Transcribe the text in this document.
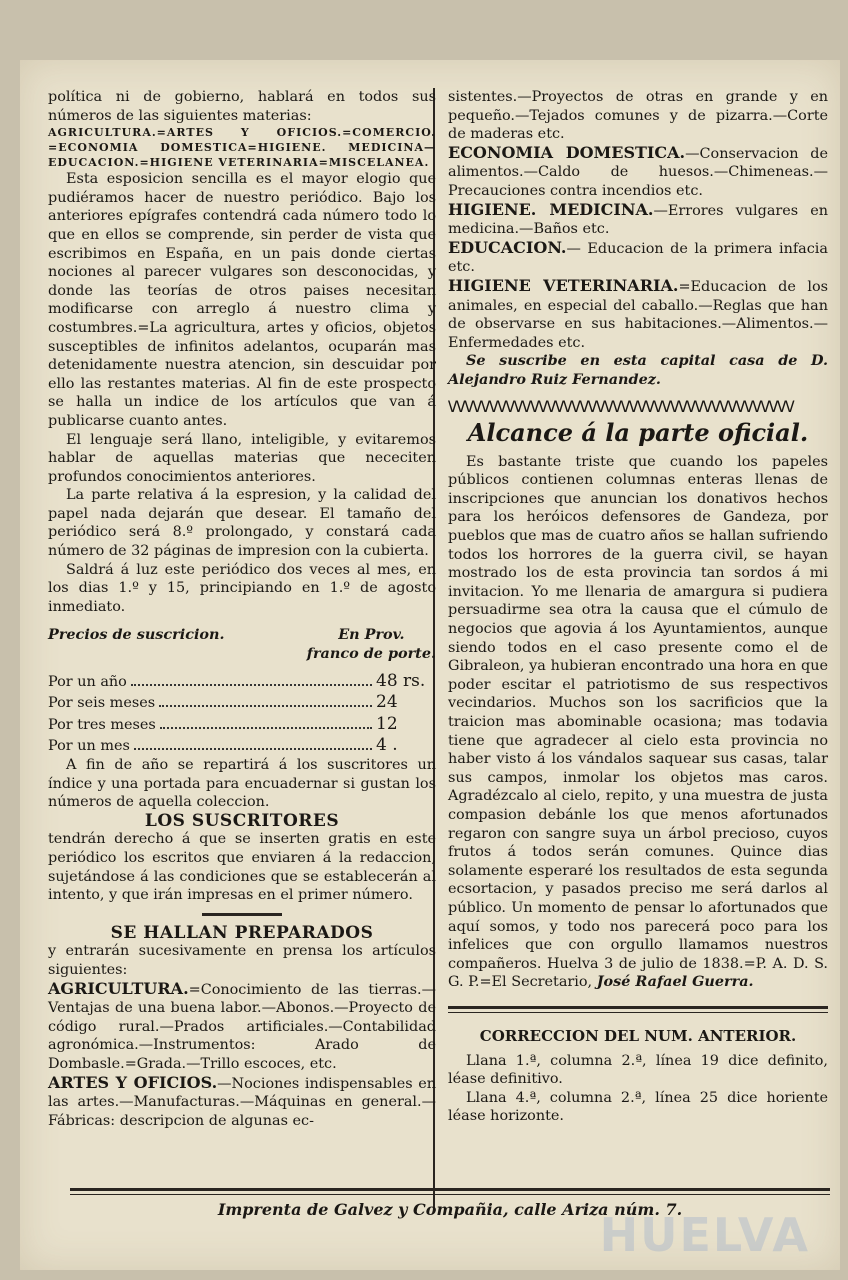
política ni de gobierno, hablará en todos sus números de las siguientes materias:

AGRICULTURA.=ARTES Y OFICIOS.=COMERCIO. =ECONOMIA DOMESTICA=HIGIENE. MEDICINA—EDUCACION.=HIGIENE VETERINARIA=MISCELANEA.

Esta esposicion sencilla es el mayor elogio que pudiéramos hacer de nuestro periódico. Bajo los anteriores epígrafes contendrá cada número todo lo que en ellos se comprende, sin perder de vista que escribimos en España, en un pais donde ciertas nociones al parecer vulgares son desconocidas, y donde las teorías de otros paises necesitan modificarse con arreglo á nuestro clima y costumbres.=La agricultura, artes y oficios, objetos susceptibles de infinitos adelantos, ocuparán mas detenidamente nuestra atencion, sin descuidar por ello las restantes materias. Al fin de este prospecto se halla un indice de los artículos que van á publicarse cuanto antes.

El lenguaje será llano, inteligible, y evitaremos hablar de aquellas materias que nececiten profundos conocimientos anteriores.

La parte relativa á la espresion, y la calidad del papel nada dejarán que desear. El tamaño del periódico será 8.º prolongado, y constará cada número de 32 páginas de impresion con la cubierta.

Saldrá á luz este periódico dos veces al mes, en los dias 1.º y 15, principiando en 1.º de agosto inmediato.

Precios de suscricion.	En Prov.
franco de porte.
Por un año	48 rs.
Por seis meses	24
Por tres meses	12
Por un mes	4 .

A fin de año se repartirá á los suscritores un índice y una portada para encuadernar si gustan los números de aquella coleccion.

LOS SUSCRITORES

tendrán derecho á que se inserten gratis en este periódico los escritos que enviaren á la redaccion, sujetándose á las condiciones que se establecerán al intento, y que irán impresas en el primer número.

SE HALLAN PREPARADOS

y entrarán sucesivamente en prensa los artículos siguientes:

AGRICULTURA.=Conocimiento de las tierras.—Ventajas de una buena labor.—Abonos.—Proyecto de código rural.—Prados artificiales.—Contabilidad agronómica.—Instrumentos: Arado de Dombasle.=Grada.—Trillo escoces, etc.

ARTES Y OFICIOS.—Nociones indispensables en las artes.—Manufacturas.—Máquinas en general.— Fábricas: descripcion de algunas ec-

sistentes.—Proyectos de otras en grande y en pequeño.—Tejados comunes y de pizarra.—Corte de maderas etc.

ECONOMIA DOMESTICA.—Conservacion de alimentos.—Caldo de huesos.—Chimeneas.—Precauciones contra incendios etc.

HIGIENE. MEDICINA.—Errores vulgares en medicina.—Baños etc.

EDUCACION.— Educacion de la primera infacia etc.

HIGIENE VETERINARIA.=Educacion de los animales, en especial del caballo.—Reglas que han de observarse en sus habitaciones.—Alimentos.—Enfermedades etc.

Se suscribe en esta capital casa de D. Alejandro Ruiz Fernandez.

\/\/\/\/\/\/\/\/\/\/\/\/\/\/\/\/\/\/\/\/\/\/\/\/\/\/\/\/\/\/\/\/\/\/\/\/\/\/\/\/\/\/
Alcance á la parte oficial.

Es bastante triste que cuando los papeles públicos contienen columnas enteras llenas de inscripciones que anuncian los donativos hechos para los heróicos defensores de Gandeza, por pueblos que mas de cuatro años se hallan sufriendo todos los horrores de la guerra civil, se hayan mostrado los de esta provincia tan sordos á mi invitacion. Yo me llenaria de amargura si pudiera persuadirme sea otra la causa que el cúmulo de negocios que agovia á los Ayuntamientos, aunque siendo todos en el caso presente como el de Gibraleon, ya hubieran encontrado una hora en que poder escitar el patriotismo de sus respectivos vecindarios. Muchos son los sacrificios que la traicion mas abominable ocasiona; mas todavia tiene que agradecer al cielo esta provincia no haber visto á los vándalos saquear sus casas, talar sus campos, inmolar los objetos mas caros. Agradézcalo al cielo, repito, y una muestra de justa compasion debánle los que menos afortunados regaron con sangre suya un árbol precioso, cuyos frutos á todos serán comunes. Quince dias solamente esperaré los resultados de esta segunda ecsortacion, y pasados preciso me será darlos al público. Un momento de pensar lo afortunados que aquí somos, y todo nos parecerá poco para los infelices que con orgullo llamamos nuestros compañeros. Huelva 3 de julio de 1838.=P. A. D. S. G. P.=El Secretario, José Rafael Guerra.

CORRECCION DEL NUM. ANTERIOR.

Llana 1.ª, columna 2.ª, línea 19 dice definito, léase definitivo.

Llana 4.ª, columna 2.ª, línea 25 dice horiente léase horizonte.

Imprenta de Galvez y Compañia, calle Ariza núm. 7.
HUELVA
